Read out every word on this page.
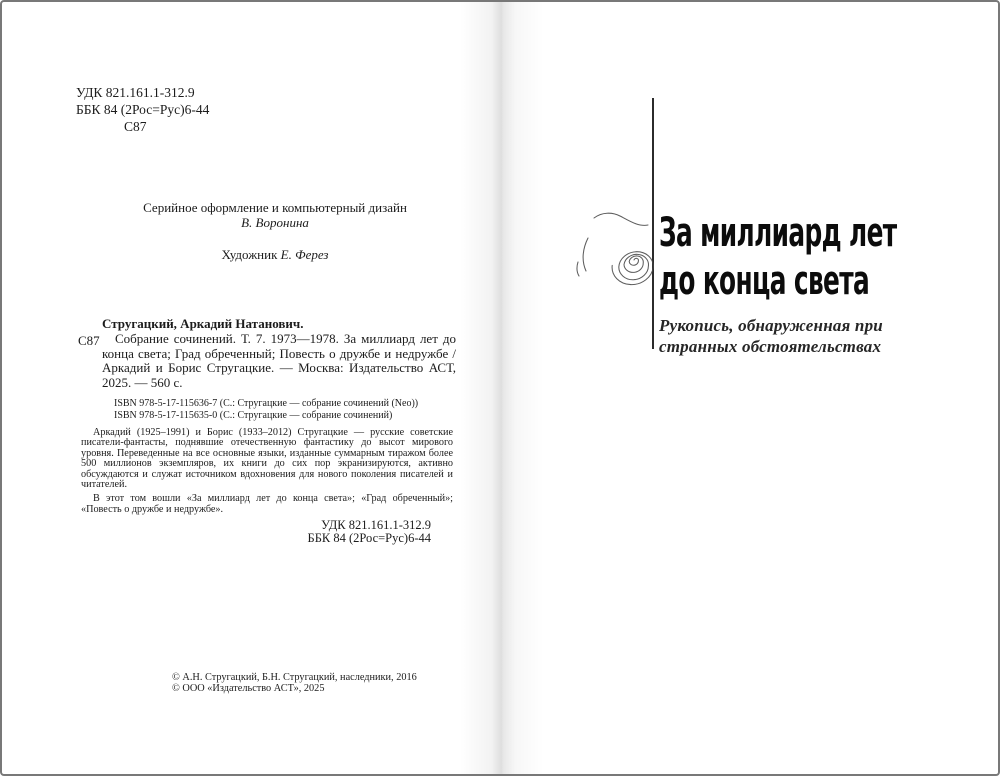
УДК 821.161.1-312.9
ББК 84 (2Рос=Рус)6-44
С87
Серийное оформление и компьютерный дизайн
В. Воронина
Художник Е. Ферез
Стругацкий, Аркадий Натанович.
С87	Собрание сочинений. Т. 7. 1973—1978. За миллиард лет до конца света; Град обреченный; Повесть о дружбе и недружбе / Аркадий и Борис Стругацкие. — Москва: Издательство АСТ, 2025. — 560 с.
ISBN 978-5-17-115636-7 (С.: Стругацкие — собрание сочинений (Neo))
ISBN 978-5-17-115635-0 (С.: Стругацкие — собрание сочинений)

Аркадий (1925–1991) и Борис (1933–2012) Стругацкие — русские советские писатели-фантасты, поднявшие отечественную фантастику до высот мирового уровня. Переведенные на все основные языки, изданные суммарным тиражом более 500 миллионов экземпляров, их книги до сих пор экранизируются, активно обсуждаются и служат источником вдохновения для нового поколения писателей и читателей.

В этот том вошли «За миллиард лет до конца света»; «Град обреченный»; «Повесть о дружбе и недружбе».

УДК 821.161.1-312.9
ББК 84 (2Рос=Рус)6-44
© А.Н. Стругацкий, Б.Н. Стругацкий, наследники, 2016
© ООО «Издательство АСТ», 2025
За миллиард лет
до конца света
Рукопись, обнаруженная при
странных обстоятельствах
